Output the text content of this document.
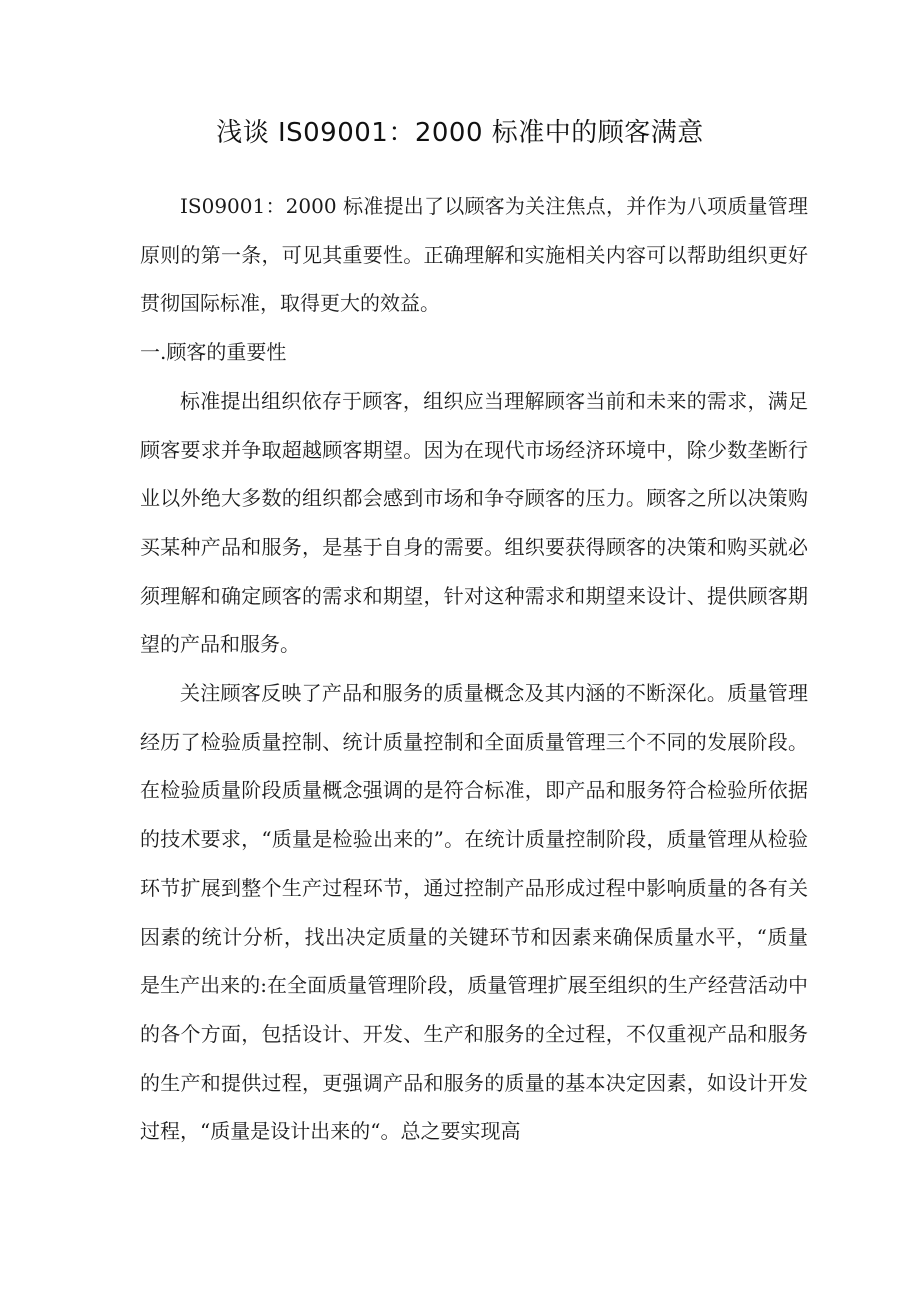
浅谈 IS09001：2000 标准中的顾客满意

IS09001：2000 标准提出了以顾客为关注焦点，并作为八项质量管理原则的第一条，可见其重要性。正确理解和实施相关内容可以帮助组织更好贯彻国际标准，取得更大的效益。

一.顾客的重要性

标准提出组织依存于顾客，组织应当理解顾客当前和未来的需求，满足顾客要求并争取超越顾客期望。因为在现代市场经济环境中，除少数垄断行业以外绝大多数的组织都会感到市场和争夺顾客的压力。顾客之所以决策购买某种产品和服务，是基于自身的需要。组织要获得顾客的决策和购买就必须理解和确定顾客的需求和期望，针对这种需求和期望来设计、提供顾客期望的产品和服务。

关注顾客反映了产品和服务的质量概念及其内涵的不断深化。质量管理经历了检验质量控制、统计质量控制和全面质量管理三个不同的发展阶段。在检验质量阶段质量概念强调的是符合标准，即产品和服务符合检验所依据的技术要求，“质量是检验出来的”。在统计质量控制阶段，质量管理从检验环节扩展到整个生产过程环节，通过控制产品形成过程中影响质量的各有关因素的统计分析，找出决定质量的关键环节和因素来确保质量水平，“质量是生产出来的:在全面质量管理阶段，质量管理扩展至组织的生产经营活动中的各个方面，包括设计、开发、生产和服务的全过程，不仅重视产品和服务的生产和提供过程，更强调产品和服务的质量的基本决定因素，如设计开发过程，“质量是设计出来的“。总之要实现高
